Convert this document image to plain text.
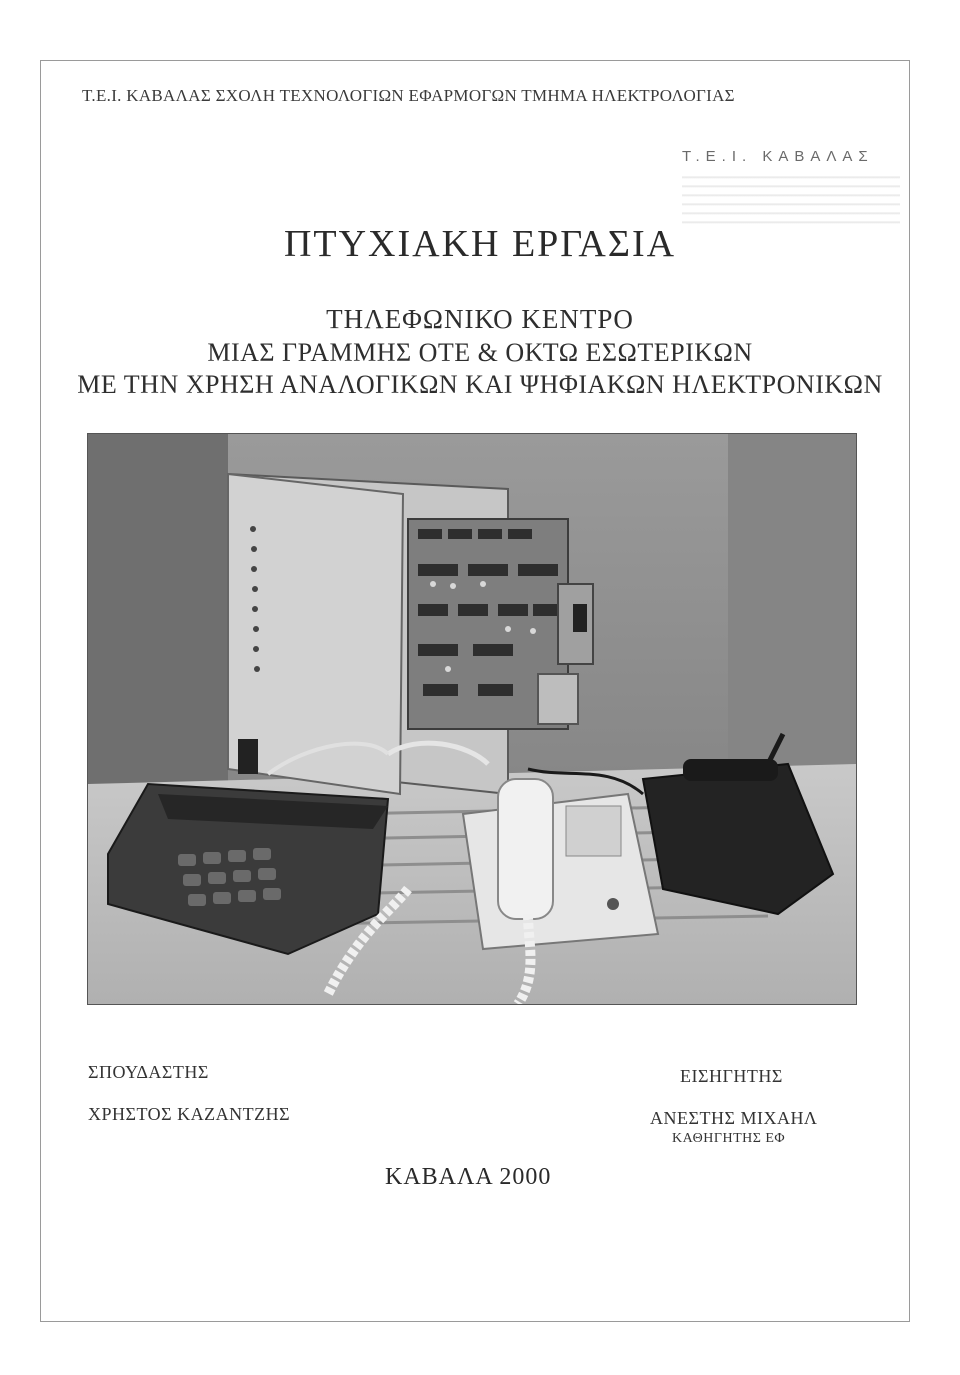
Τ.Ε.Ι. ΚΑΒΑΛΑΣ ΣΧΟΛΗ ΤΕΧΝΟΛΟΓΙΩΝ ΕΦΑΡΜΟΓΩΝ ΤΜΗΜΑ ΗΛΕΚΤΡΟΛΟΓΙΑΣ
Τ.Ε.Ι. ΚΑΒΑΛΑΣ
ΠΤΥΧΙΑΚΗ ΕΡΓΑΣΙΑ
ΤΗΛΕΦΩΝΙΚΟ ΚΕΝΤΡΟ
ΜΙΑΣ ΓΡΑΜΜΗΣ ΟΤΕ & ΟΚΤΩ ΕΣΩΤΕΡΙΚΩΝ
ΜΕ ΤΗΝ ΧΡΗΣΗ ΑΝΑΛΟΓΙΚΩΝ ΚΑΙ ΨΗΦΙΑΚΩΝ ΗΛΕΚΤΡΟΝΙΚΩΝ
ΣΠΟΥΔΑΣΤΗΣ
ΧΡΗΣΤΟΣ ΚΑΖΑΝΤΖΗΣ
ΕΙΣΗΓΗΤΗΣ
ΑΝΕΣΤΗΣ ΜΙΧΑΗΛ
ΚΑΘΗΓΗΤΗΣ ΕΦ
ΚΑΒΑΛΑ 2000
